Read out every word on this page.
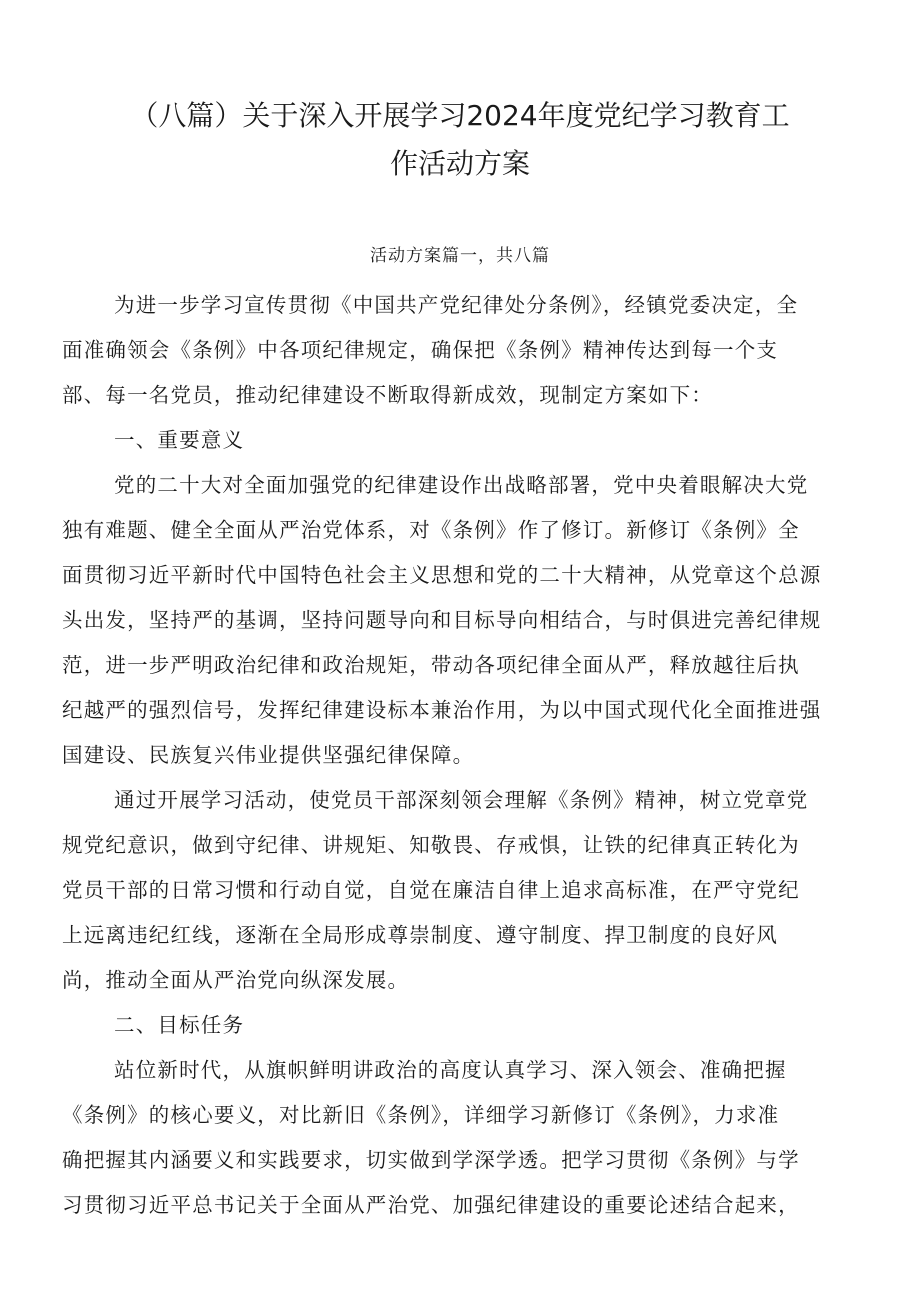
（八篇）关于深入开展学习2024年度党纪学习教育工
作活动方案

活动方案篇一，共八篇

为进一步学习宣传贯彻《中国共产党纪律处分条例》，经镇党委决定，全
面准确领会《条例》中各项纪律规定，确保把《条例》精神传达到每一个支
部、每一名党员，推动纪律建设不断取得新成效，现制定方案如下：
一、重要意义
党的二十大对全面加强党的纪律建设作出战略部署，党中央着眼解决大党
独有难题、健全全面从严治党体系，对《条例》作了修订。新修订《条例》全
面贯彻习近平新时代中国特色社会主义思想和党的二十大精神，从党章这个总源
头出发，坚持严的基调，坚持问题导向和目标导向相结合，与时俱进完善纪律规
范，进一步严明政治纪律和政治规矩，带动各项纪律全面从严，释放越往后执
纪越严的强烈信号，发挥纪律建设标本兼治作用，为以中国式现代化全面推进强
国建设、民族复兴伟业提供坚强纪律保障。
通过开展学习活动，使党员干部深刻领会理解《条例》精神，树立党章党
规党纪意识，做到守纪律、讲规矩、知敬畏、存戒惧，让铁的纪律真正转化为
党员干部的日常习惯和行动自觉，自觉在廉洁自律上追求高标准，在严守党纪
上远离违纪红线，逐渐在全局形成尊崇制度、遵守制度、捍卫制度的良好风
尚，推动全面从严治党向纵深发展。
二、目标任务
站位新时代，从旗帜鲜明讲政治的高度认真学习、深入领会、准确把握
《条例》的核心要义，对比新旧《条例》，详细学习新修订《条例》，力求准
确把握其内涵要义和实践要求，切实做到学深学透。把学习贯彻《条例》与学
习贯彻习近平总书记关于全面从严治党、加强纪律建设的重要论述结合起来，
